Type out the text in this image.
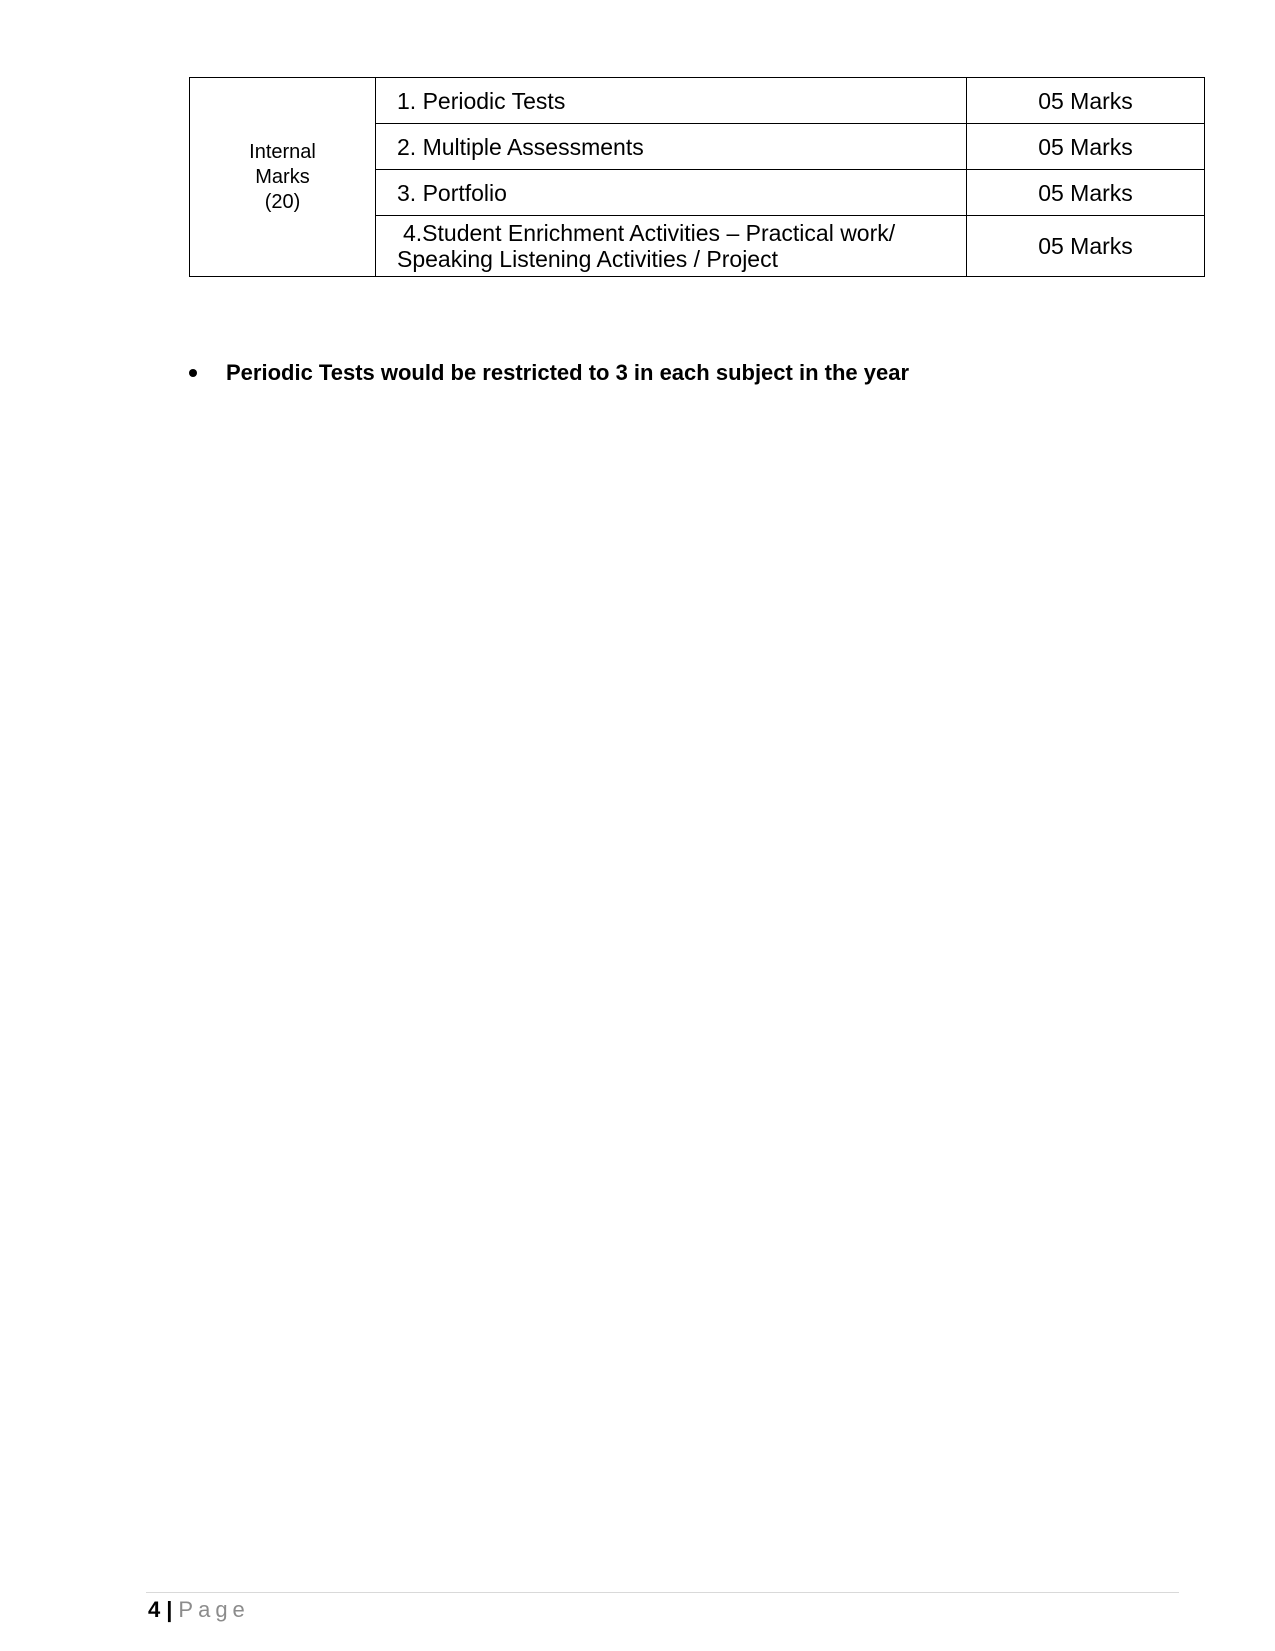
Internal
Marks
(20)	1. Periodic Tests	05 Marks
	2. Multiple Assessments	05 Marks
	3. Portfolio	05 Marks

	4.Student Enrichment Activities – Practical work/
Speaking Listening Activities / Project	05 Marks
Periodic Tests would be restricted to 3 in each subject in the year
4 | Page
